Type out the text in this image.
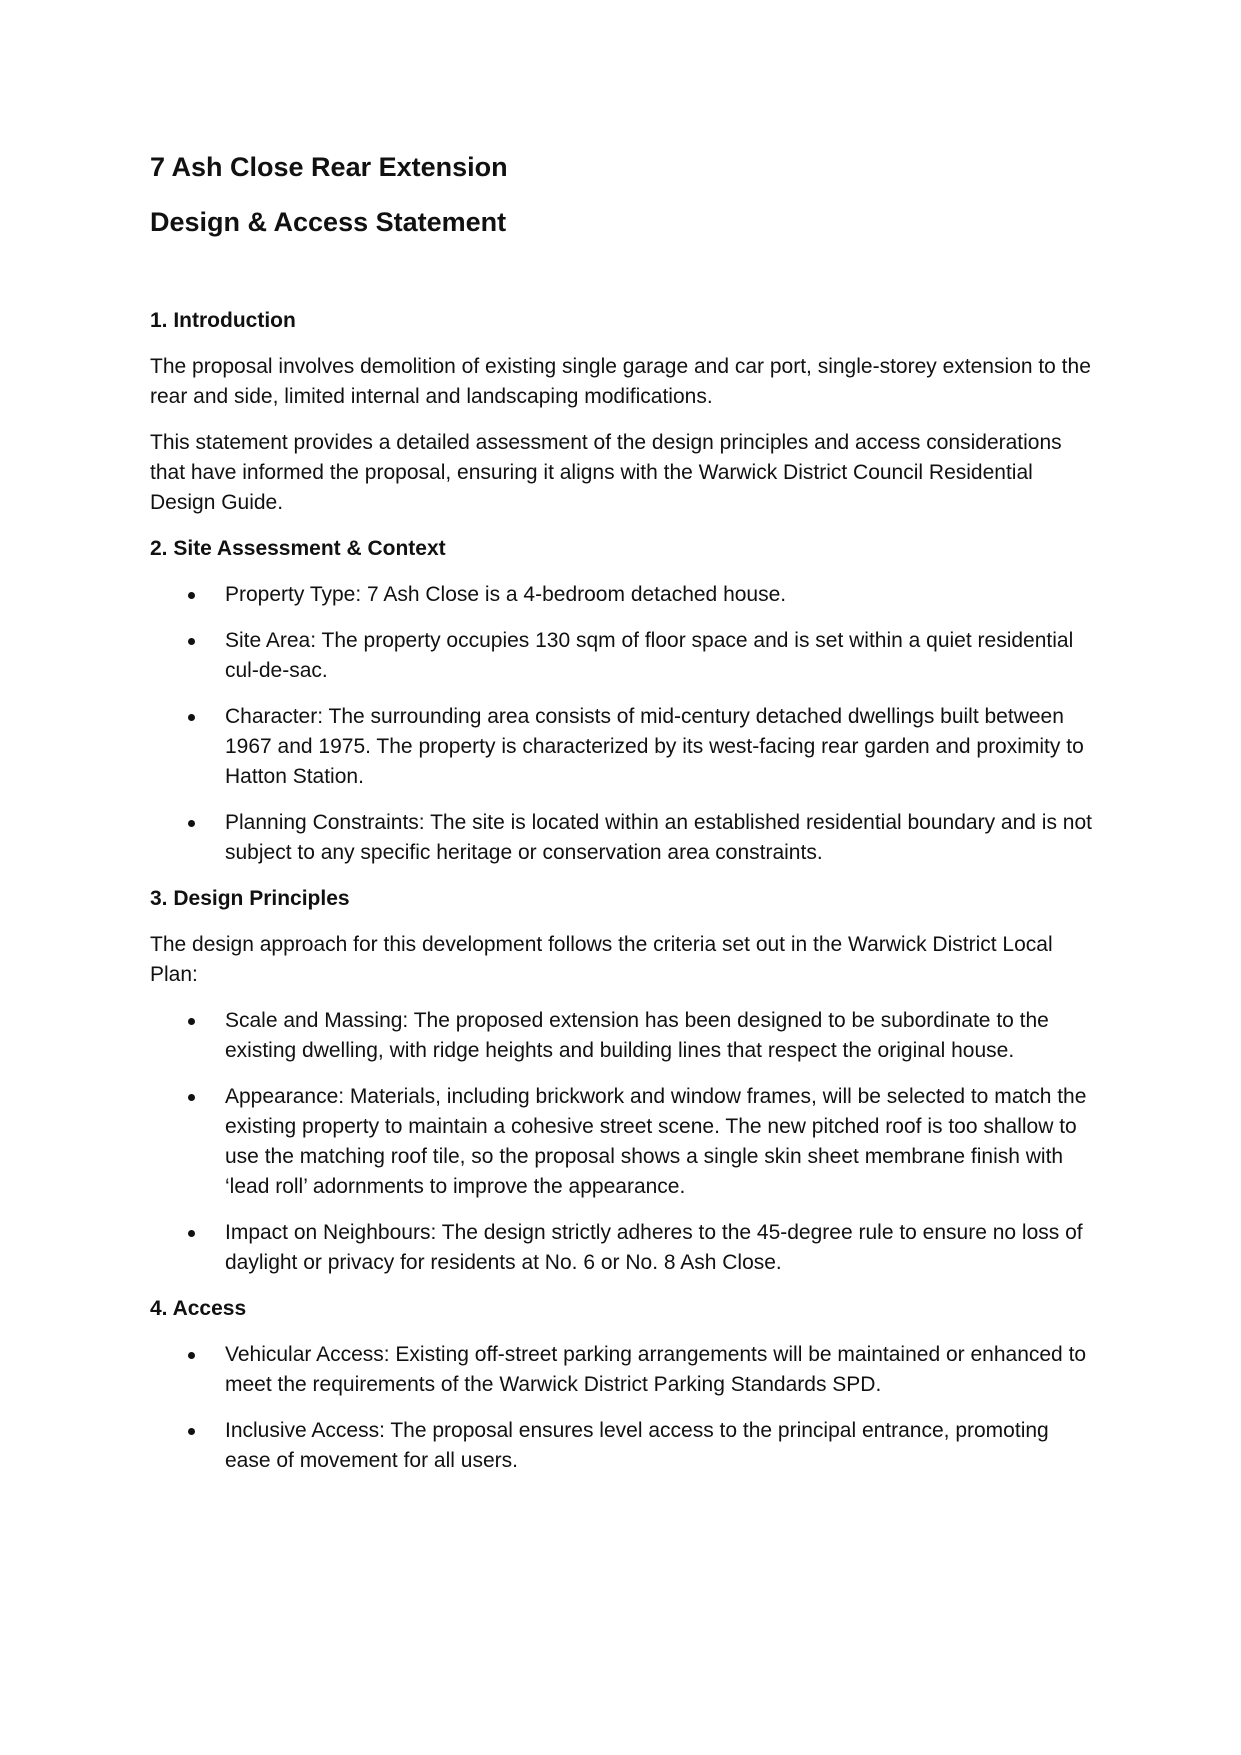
7 Ash Close Rear Extension
Design & Access Statement
1. Introduction

The proposal involves demolition of existing single garage and car port, single-storey extension to the rear and side, limited internal and landscaping modifications.

This statement provides a detailed assessment of the design principles and access considerations that have informed the proposal, ensuring it aligns with the Warwick District Council Residential Design Guide.

2. Site Assessment & Context
Property Type: 7 Ash Close is a 4-bedroom detached house.
Site Area: The property occupies 130 sqm of floor space and is set within a quiet residential cul-de-sac.
Character: The surrounding area consists of mid-century detached dwellings built between 1967 and 1975. The property is characterized by its west-facing rear garden and proximity to Hatton Station.
Planning Constraints: The site is located within an established residential boundary and is not subject to any specific heritage or conservation area constraints.
3. Design Principles

The design approach for this development follows the criteria set out in the Warwick District Local Plan:

Scale and Massing: The proposed extension has been designed to be subordinate to the existing dwelling, with ridge heights and building lines that respect the original house.
Appearance: Materials, including brickwork and window frames, will be selected to match the existing property to maintain a cohesive street scene. The new pitched roof is too shallow to use the matching roof tile, so the proposal shows a single skin sheet membrane finish with ‘lead roll’ adornments to improve the appearance.
Impact on Neighbours: The design strictly adheres to the 45-degree rule to ensure no loss of daylight or privacy for residents at No. 6 or No. 8 Ash Close.
4. Access
Vehicular Access: Existing off-street parking arrangements will be maintained or enhanced to meet the requirements of the Warwick District Parking Standards SPD.
Inclusive Access: The proposal ensures level access to the principal entrance, promoting ease of movement for all users.
